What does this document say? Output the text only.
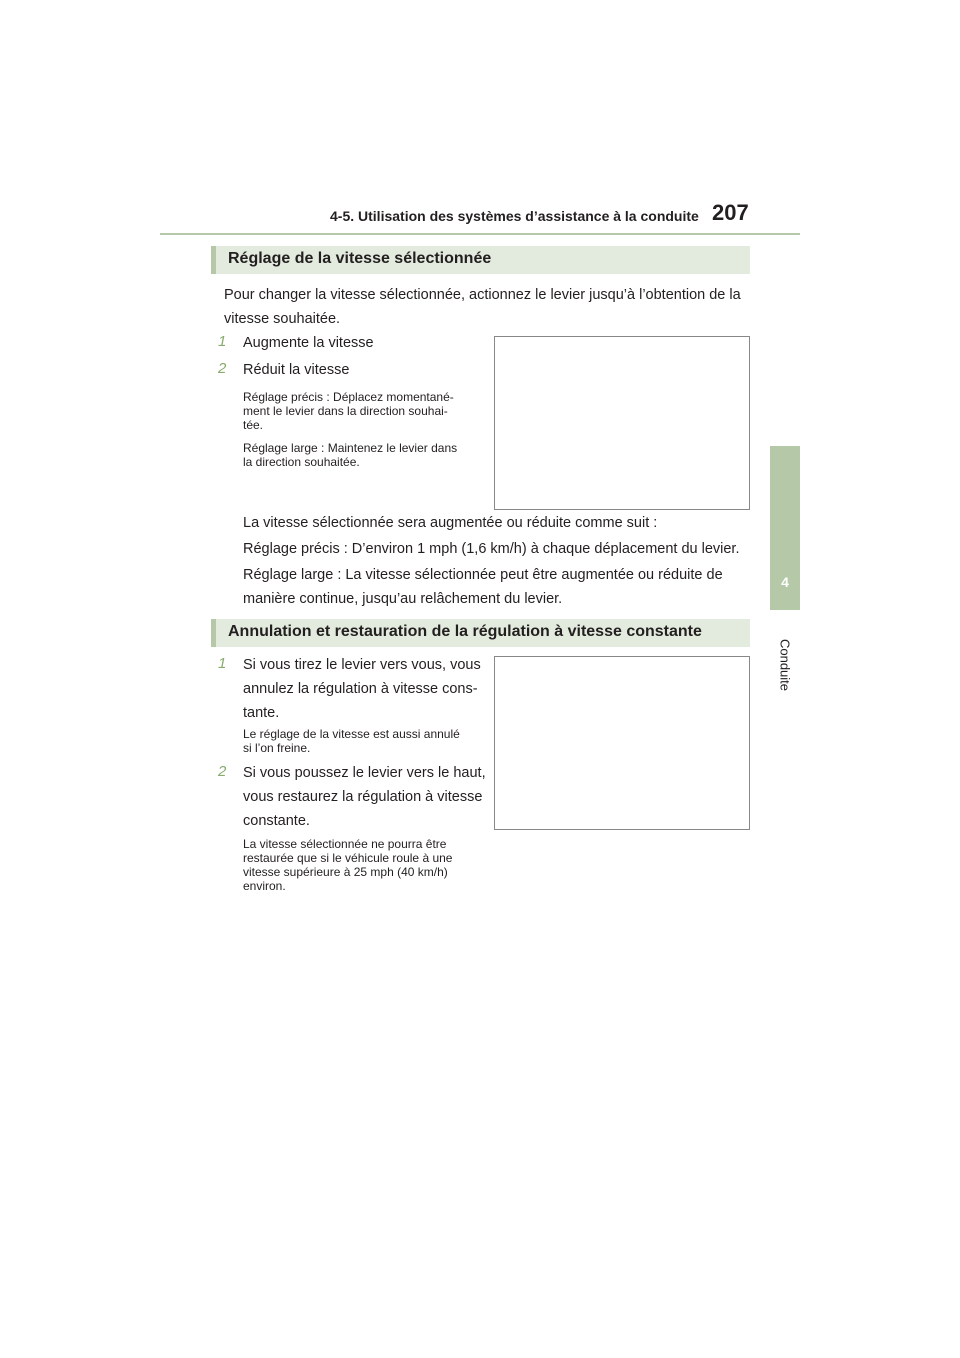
4-5. Utilisation des systèmes d’assistance à la conduite 207
4
Conduite
Réglage de la vitesse sélectionnée
Pour changer la vitesse sélectionnée, actionnez le levier jusqu’à l’obtention de la
vitesse souhaitée.
1 Augmente la vitesse
2 Réduit la vitesse
Réglage précis : Déplacez momentané-
ment le levier dans la direction souhai-
tée.
Réglage large : Maintenez le levier dans
la direction souhaitée.
La vitesse sélectionnée sera augmentée ou réduite comme suit :
Réglage précis : D’environ 1 mph (1,6 km/h) à chaque déplacement du levier.
Réglage large : La vitesse sélectionnée peut être augmentée ou réduite de
manière continue, jusqu’au relâchement du levier.
Annulation et restauration de la régulation à vitesse constante
1 Si vous tirez le levier vers vous, vous
annulez la régulation à vitesse cons-
tante.
Le réglage de la vitesse est aussi annulé
si l’on freine.
2 Si vous poussez le levier vers le haut,
vous restaurez la régulation à vitesse
constante.
La vitesse sélectionnée ne pourra être
restaurée que si le véhicule roule à une
vitesse supérieure à 25 mph (40 km/h)
environ.
